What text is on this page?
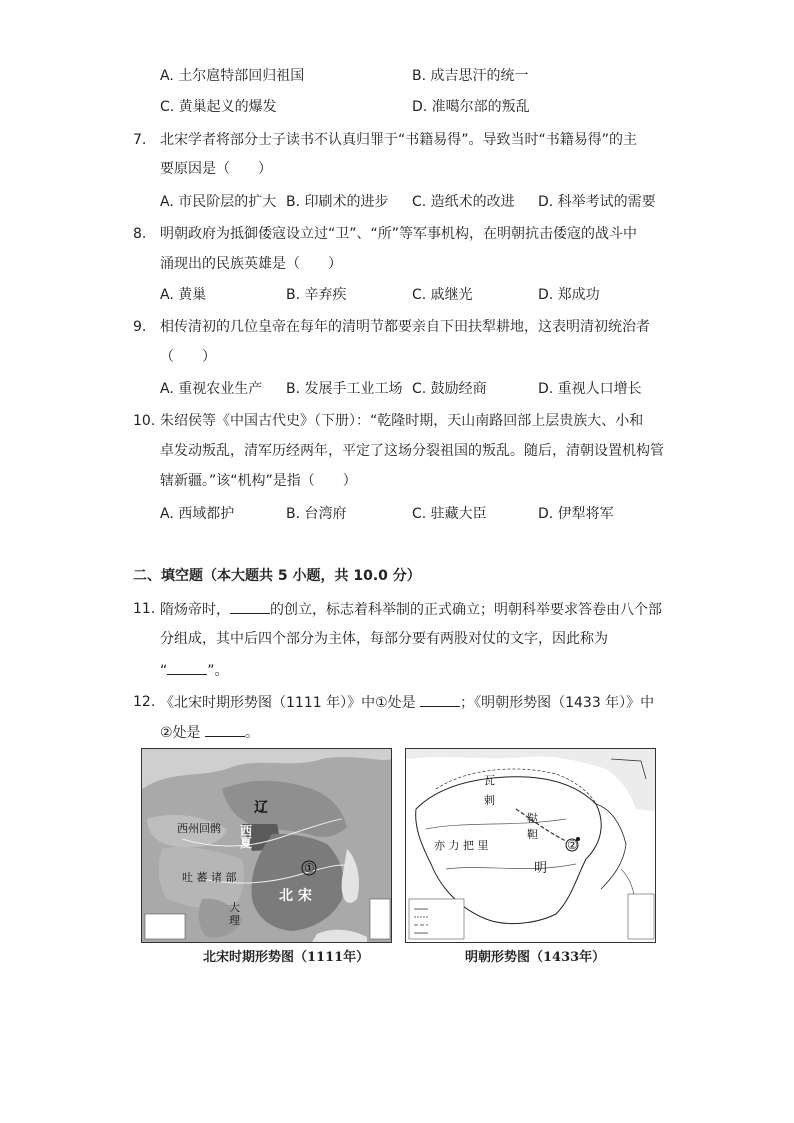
A. 土尔扈特部回归祖国	B. 成吉思汗的统一
C. 黄巢起义的爆发	D. 准噶尔部的叛乱
7. 北宋学者将部分士子读书不认真归罪于“书籍易得”。导致当时“书籍易得”的主
要原因是（　　）
A. 市民阶层的扩大 B. 印刷术的进步 C. 造纸术的改进 D. 科举考试的需要
8. 明朝政府为抵御倭寇设立过“卫”、“所”等军事机构，在明朝抗击倭寇的战斗中
涌现出的民族英雄是（　　）
A. 黄巢	B. 辛弃疾	C. 戚继光	D. 郑成功
9. 相传清初的几位皇帝在每年的清明节都要亲自下田扶犁耕地，这表明清初统治者
（　　）
A. 重视农业生产 B. 发展手工业工场 C. 鼓励经商	D. 重视人口增长
10. 朱绍侯等《中国古代史》（下册）：“乾隆时期，天山南路回部上层贵族大、小和
卓发动叛乱，清军历经两年，平定了这场分裂祖国的叛乱。随后，清朝设置机构管
辖新疆。”该“机构”是指（　　）
A. 西域都护	B. 台湾府	C. 驻藏大臣	D. 伊犁将军
二、填空题（本大题共 5 小题，共 10.0 分）
11. 隋炀帝时，	的创立，标志着科举制的正式确立；明朝科举要求答卷由八个部
分组成，其中后四个部分为主体，每部分要有两股对仗的文字，因此称为
“	”。
12. 《北宋时期形势图（1111 年）》中①处是	；《明朝形势图（1433 年）》中
②处是	。
辽
西
夏
西州回鹘
吐 蕃 诸 部
北 宋
大
理
①
北宋时期形势图（1111年）
瓦
剌
鞑
靼
亦 力 把 里
明
②
明朝形势图（1433年）
